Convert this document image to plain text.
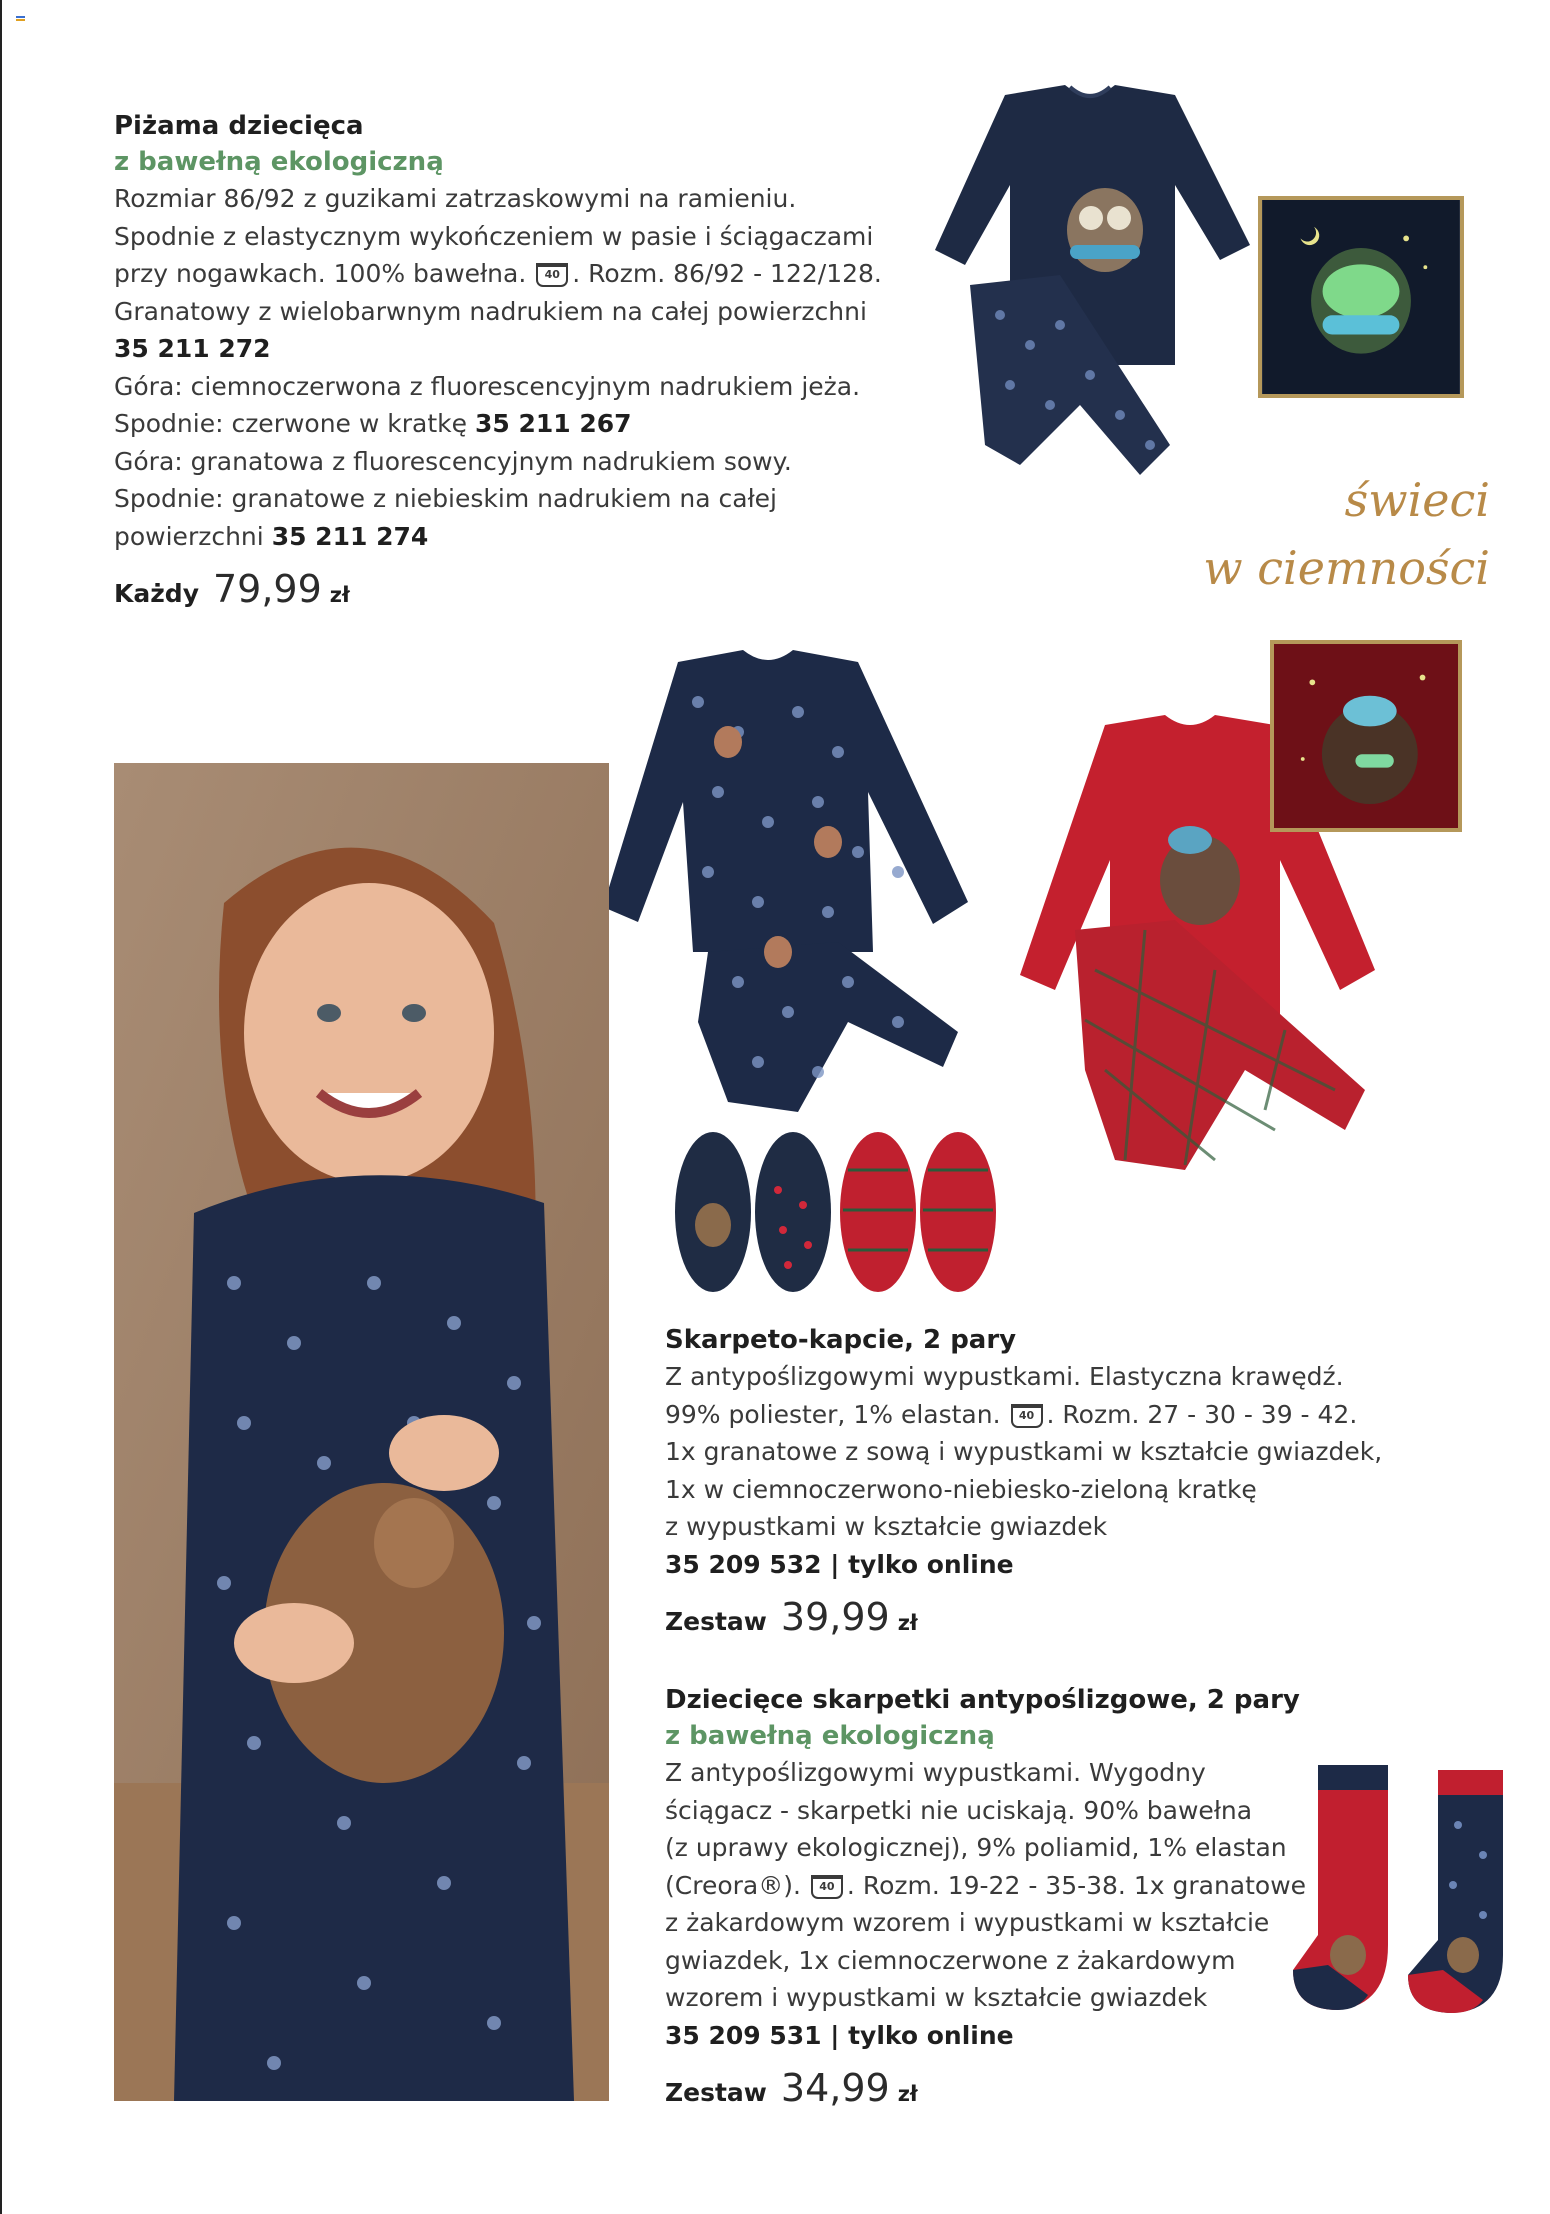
Piżama dziecięca

z bawełną ekologiczną

Rozmiar 86/92 z guzikami zatrzaskowymi na ramieniu.

Spodnie z elastycznym wykończeniem w pasie i ściągaczami

przy nogawkach. 100% bawełna. 40 . Rozm. 86/92 - 122/128.

Granatowy z wielobarwnym nadrukiem na całej powierzchni

35 211 272

Góra: ciemnoczerwona z fluorescencyjnym nadrukiem jeża.

Spodnie: czerwone w kratkę 35 211 267

Góra: granatowa z fluorescencyjnym nadrukiem sowy.

Spodnie: granatowe z niebieskim nadrukiem na całej

powierzchni 35 211 274

Każdy 79,99 zł
świeci
w ciemności

Skarpeto-kapcie, 2 pary

Z antypoślizgowymi wypustkami. Elastyczna krawędź.

99% poliester, 1% elastan. 40 . Rozm. 27 - 30 - 39 - 42.

1x granatowe z sową i wypustkami w kształcie gwiazdek,

1x w ciemnoczerwono-niebiesko-zieloną kratkę

z wypustkami w kształcie gwiazdek

35 209 532 | tylko online

Zestaw 39,99 zł

Dziecięce skarpetki antypoślizgowe, 2 pary

z bawełną ekologiczną

Z antypoślizgowymi wypustkami. Wygodny

ściągacz - skarpetki nie uciskają. 90% bawełna

(z uprawy ekologicznej), 9% poliamid, 1% elastan

(Creora®). 40 . Rozm. 19-22 - 35-38. 1x granatowe

z żakardowym wzorem i wypustkami w kształcie

gwiazdek, 1x ciemnoczerwone z żakardowym

wzorem i wypustkami w kształcie gwiazdek

35 209 531 | tylko online

Zestaw 34,99 zł
